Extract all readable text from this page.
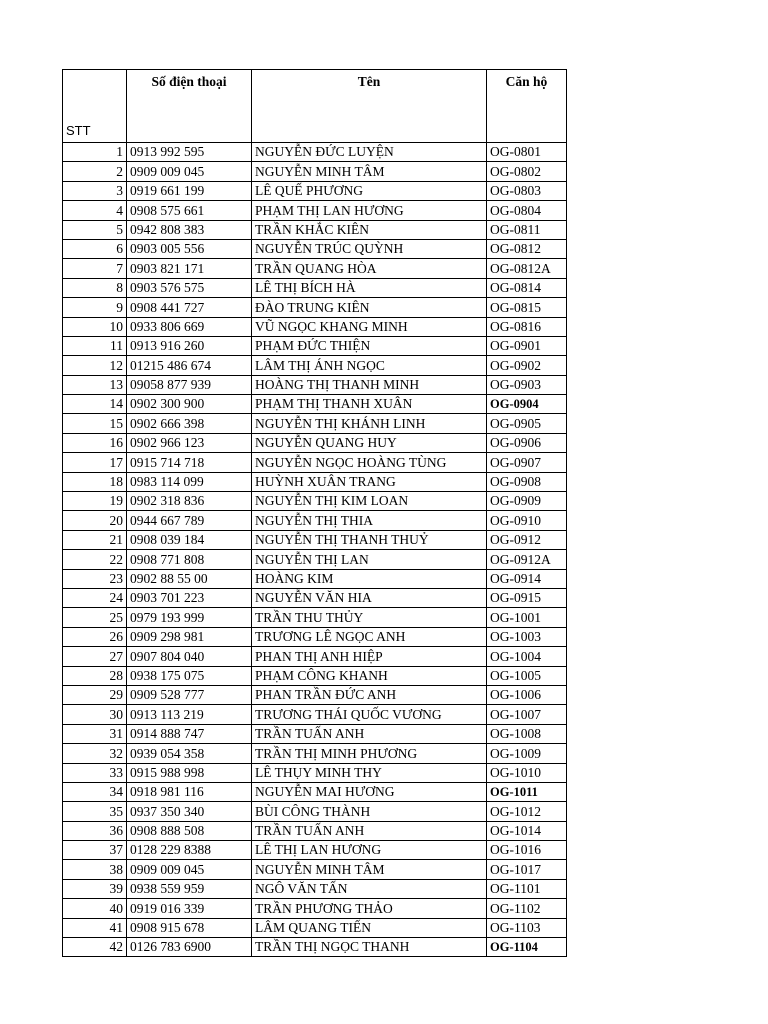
STT	Số điện thoại	Tên	Căn hộ
1	0913 992 595	NGUYỄN ĐỨC LUYỆN	OG-0801
2	0909 009 045	NGUYỄN MINH TÂM	OG-0802
3	0919 661 199	LÊ QUẾ PHƯƠNG	OG-0803
4	0908 575 661	PHẠM THỊ LAN HƯƠNG	OG-0804
5	0942 808 383	TRẦN KHẮC KIÊN	OG-0811
6	0903 005 556	NGUYỄN TRÚC QUỲNH	OG-0812
7	0903 821 171	TRẦN QUANG HÒA	OG-0812A
8	0903 576 575	LÊ THỊ BÍCH HÀ	OG-0814
9	0908 441 727	ĐÀO TRUNG KIÊN	OG-0815
10	0933 806 669	VŨ NGỌC KHANG MINH	OG-0816
11	0913 916 260	PHẠM ĐỨC THIỆN	OG-0901
12	01215 486 674	LÂM THỊ ÁNH NGỌC	OG-0902
13	09058 877 939	HOÀNG THỊ THANH MINH	OG-0903
14	0902 300 900	PHẠM THỊ THANH XUÂN	OG-0904
15	0902 666 398	NGUYỄN THỊ KHÁNH LINH	OG-0905
16	0902 966 123	NGUYỄN QUANG HUY	OG-0906
17	0915 714 718	NGUYỄN NGỌC HOÀNG TÙNG	OG-0907
18	0983 114 099	HUỲNH XUÂN TRANG	OG-0908
19	0902 318 836	NGUYỄN THỊ KIM LOAN	OG-0909
20	0944 667 789	NGUYỄN THỊ THIA	OG-0910
21	0908 039 184	NGUYỄN THỊ THANH THUỶ	OG-0912
22	0908 771 808	NGUYỄN THỊ LAN	OG-0912A
23	0902 88 55 00	HOÀNG KIM	OG-0914
24	0903 701 223	NGUYỄN VĂN HIA	OG-0915
25	0979 193 999	TRẦN THU THỦY	OG-1001
26	0909 298 981	TRƯƠNG LÊ NGỌC ANH	OG-1003
27	0907 804 040	PHAN THỊ ANH HIỆP	OG-1004
28	0938 175 075	PHẠM CÔNG KHANH	OG-1005
29	0909 528 777	PHAN TRẦN ĐỨC ANH	OG-1006
30	0913 113 219	TRƯƠNG THÁI QUỐC VƯƠNG	OG-1007
31	0914 888 747	TRẦN TUẤN ANH	OG-1008
32	0939 054 358	TRẦN THỊ MINH PHƯƠNG	OG-1009
33	0915 988 998	LÊ THỤY MINH THY	OG-1010
34	0918 981 116	NGUYỄN MAI HƯƠNG	OG-1011
35	0937 350 340	BÙI CÔNG THÀNH	OG-1012
36	0908 888 508	TRẦN TUẤN ANH	OG-1014
37	0128 229 8388	LÊ THỊ LAN HƯƠNG	OG-1016
38	0909 009 045	NGUYỄN MINH TÂM	OG-1017
39	0938 559 959	NGÔ VĂN TẤN	OG-1101
40	0919 016 339	TRẦN PHƯƠNG THẢO	OG-1102
41	0908 915 678	LÂM QUANG TIẾN	OG-1103
42	0126 783 6900	TRẦN THỊ NGỌC THANH	OG-1104
